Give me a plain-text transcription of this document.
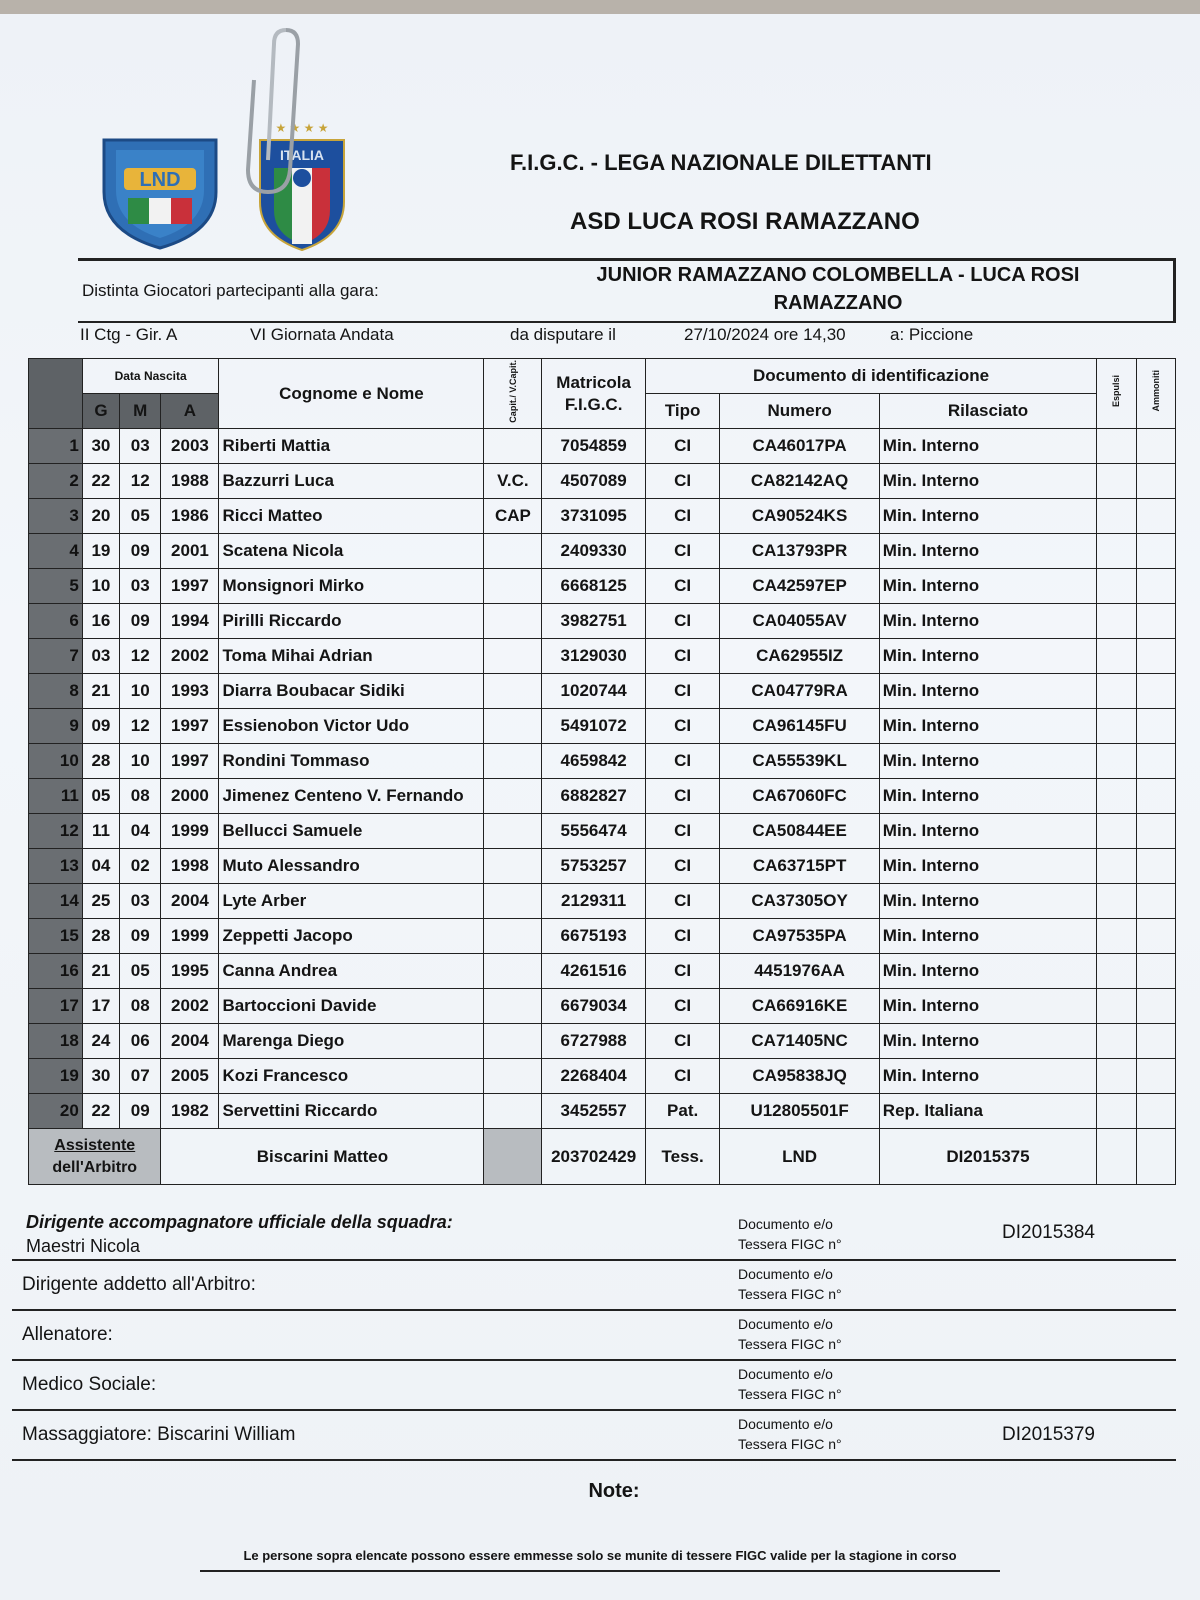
LND
★ ★ ★ ★
ITALIA	F.I.G.C. - LEGA NAZIONALE DILETTANTI
ASD LUCA ROSI RAMAZZANO
Distinta Giocatori partecipanti alla gara:
JUNIOR RAMAZZANO COLOMBELLA - LUCA ROSI
RAMAZZANO
II Ctg - Gir. A	VI Giornata Andata	da disputare il	27/10/2024 ore 14,30	a: Piccione
	Data Nascita			Cognome e Nome	Capit./ V.Capit.	Matricola
F.I.G.C.	Documento di identificazione			Espulsi	Ammoniti
	G	M	A				Tipo	Numero	Rilasciato		
1	30	03	2003	Riberti Mattia		7054859	CI	CA46017PA	Min. Interno		
2	22	12	1988	Bazzurri Luca	V.C.	4507089	CI	CA82142AQ	Min. Interno		
3	20	05	1986	Ricci Matteo	CAP	3731095	CI	CA90524KS	Min. Interno		
4	19	09	2001	Scatena Nicola		2409330	CI	CA13793PR	Min. Interno		
5	10	03	1997	Monsignori Mirko		6668125	CI	CA42597EP	Min. Interno		
6	16	09	1994	Pirilli Riccardo		3982751	CI	CA04055AV	Min. Interno		
7	03	12	2002	Toma Mihai Adrian		3129030	CI	CA62955IZ	Min. Interno		
8	21	10	1993	Diarra Boubacar Sidiki		1020744	CI	CA04779RA	Min. Interno		
9	09	12	1997	Essienobon Victor Udo		5491072	CI	CA96145FU	Min. Interno		
10	28	10	1997	Rondini Tommaso		4659842	CI	CA55539KL	Min. Interno		
11	05	08	2000	Jimenez Centeno V. Fernando		6882827	CI	CA67060FC	Min. Interno		
12	11	04	1999	Bellucci Samuele		5556474	CI	CA50844EE	Min. Interno		
13	04	02	1998	Muto Alessandro		5753257	CI	CA63715PT	Min. Interno		
14	25	03	2004	Lyte Arber		2129311	CI	CA37305OY	Min. Interno		
15	28	09	1999	Zeppetti Jacopo		6675193	CI	CA97535PA	Min. Interno		
16	21	05	1995	Canna Andrea		4261516	CI	4451976AA	Min. Interno		
17	17	08	2002	Bartoccioni Davide		6679034	CI	CA66916KE	Min. Interno		
18	24	06	2004	Marenga Diego		6727988	CI	CA71405NC	Min. Interno		
19	30	07	2005	Kozi Francesco		2268404	CI	CA95838JQ	Min. Interno		
20	22	09	1982	Servettini Riccardo		3452557	Pat.	U12805501F	Rep. Italiana		

Assistente
dell'Arbitro			Biscarini Matteo			203702429	Tess.	LND	DI2015375		
Dirigente accompagnatore ufficiale della squadra:
Maestri Nicola
Documento e/o
Tessera FIGC n°
DI2015384
Dirigente addetto all'Arbitro:	Documento e/o
Tessera FIGC n°
Allenatore:	Documento e/o
Tessera FIGC n°
Medico Sociale:	Documento e/o
Tessera FIGC n°
Massaggiatore: Biscarini William	Documento e/o
Tessera FIGC n°	DI2015379
Note:
Le persone sopra elencate possono essere emmesse solo se munite di tessere FIGC valide per la stagione in corso
